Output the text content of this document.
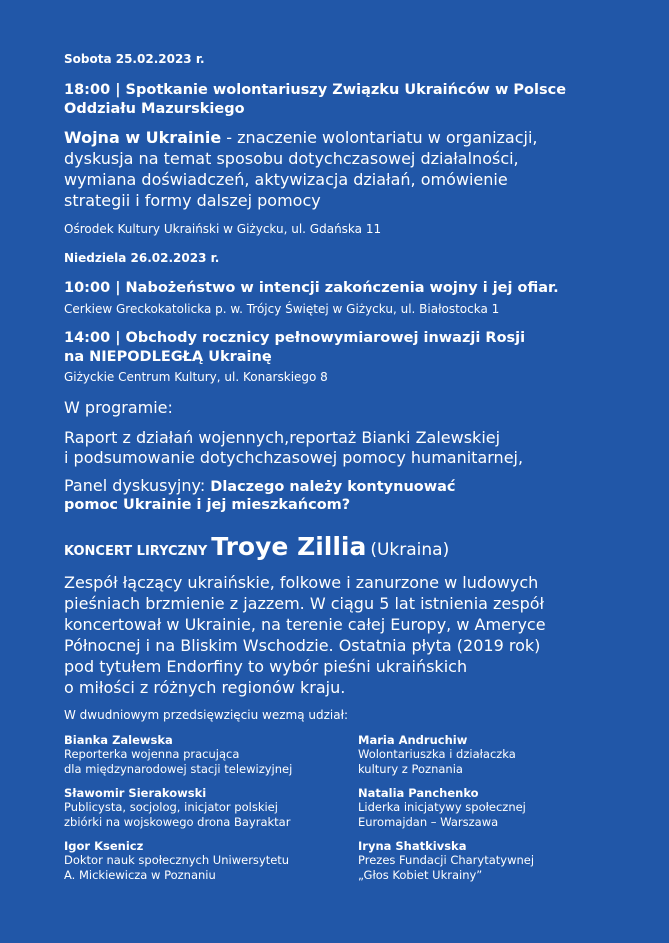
Sobota 25.02.2023 r.
18:00 | Spotkanie wolontariuszy Związku Ukraińców w Polsce
Oddziału Mazurskiego
Wojna w Ukrainie - znaczenie wolontariatu w organizacji,
dyskusja na temat sposobu dotychczasowej działalności,
wymiana doświadczeń, aktywizacja działań, omówienie
strategii i formy dalszej pomocy
Ośrodek Kultury Ukraiński w Giżycku, ul. Gdańska 11
Niedziela 26.02.2023 r.
10:00 | Nabożeństwo w intencji zakończenia wojny i jej ofiar.
Cerkiew Greckokatolicka p. w. Trójcy Świętej w Giżycku, ul. Białostocka 1
14:00 | Obchody rocznicy pełnowymiarowej inwazji Rosji
na NIEPODLEGŁĄ Ukrainę
Giżyckie Centrum Kultury, ul. Konarskiego 8
W programie:
Raport z działań wojennych,reportaż Bianki Zalewskiej
i podsumowanie dotychchzasowej pomocy humanitarnej,
Panel dyskusyjny: Dlaczego należy kontynuować
pomoc Ukrainie i jej mieszkańcom?
KONCERT LIRYCZNY Troye Zillia (Ukraina)
Zespół łączący ukraińskie, folkowe i zanurzone w ludowych
pieśniach brzmienie z jazzem. W ciągu 5 lat istnienia zespół
koncertował w Ukrainie, na terenie całej Europy, w Ameryce
Północnej i na Bliskim Wschodzie. Ostatnia płyta (2019 rok)
pod tytułem Endorfiny to wybór pieśni ukraińskich
o miłości z różnych regionów kraju.
W dwudniowym przedsięwzięciu wezmą udział:
Bianka Zalewska
Reporterka wojenna pracująca
dla międzynarodowej stacji telewizyjnej
Sławomir Sierakowski
Publicysta, socjolog, inicjator polskiej
zbiórki na wojskowego drona Bayraktar
Igor Ksenicz
Doktor nauk społecznych Uniwersytetu
A. Mickiewicza w Poznaniu
Maria Andruchiw
Wolontariuszka i działaczka
kultury z Poznania
Natalia Panchenko
Liderka inicjatywy społecznej
Euromajdan – Warszawa
Iryna Shatkivska
Prezes Fundacji Charytatywnej
„Głos Kobiet Ukrainy”
